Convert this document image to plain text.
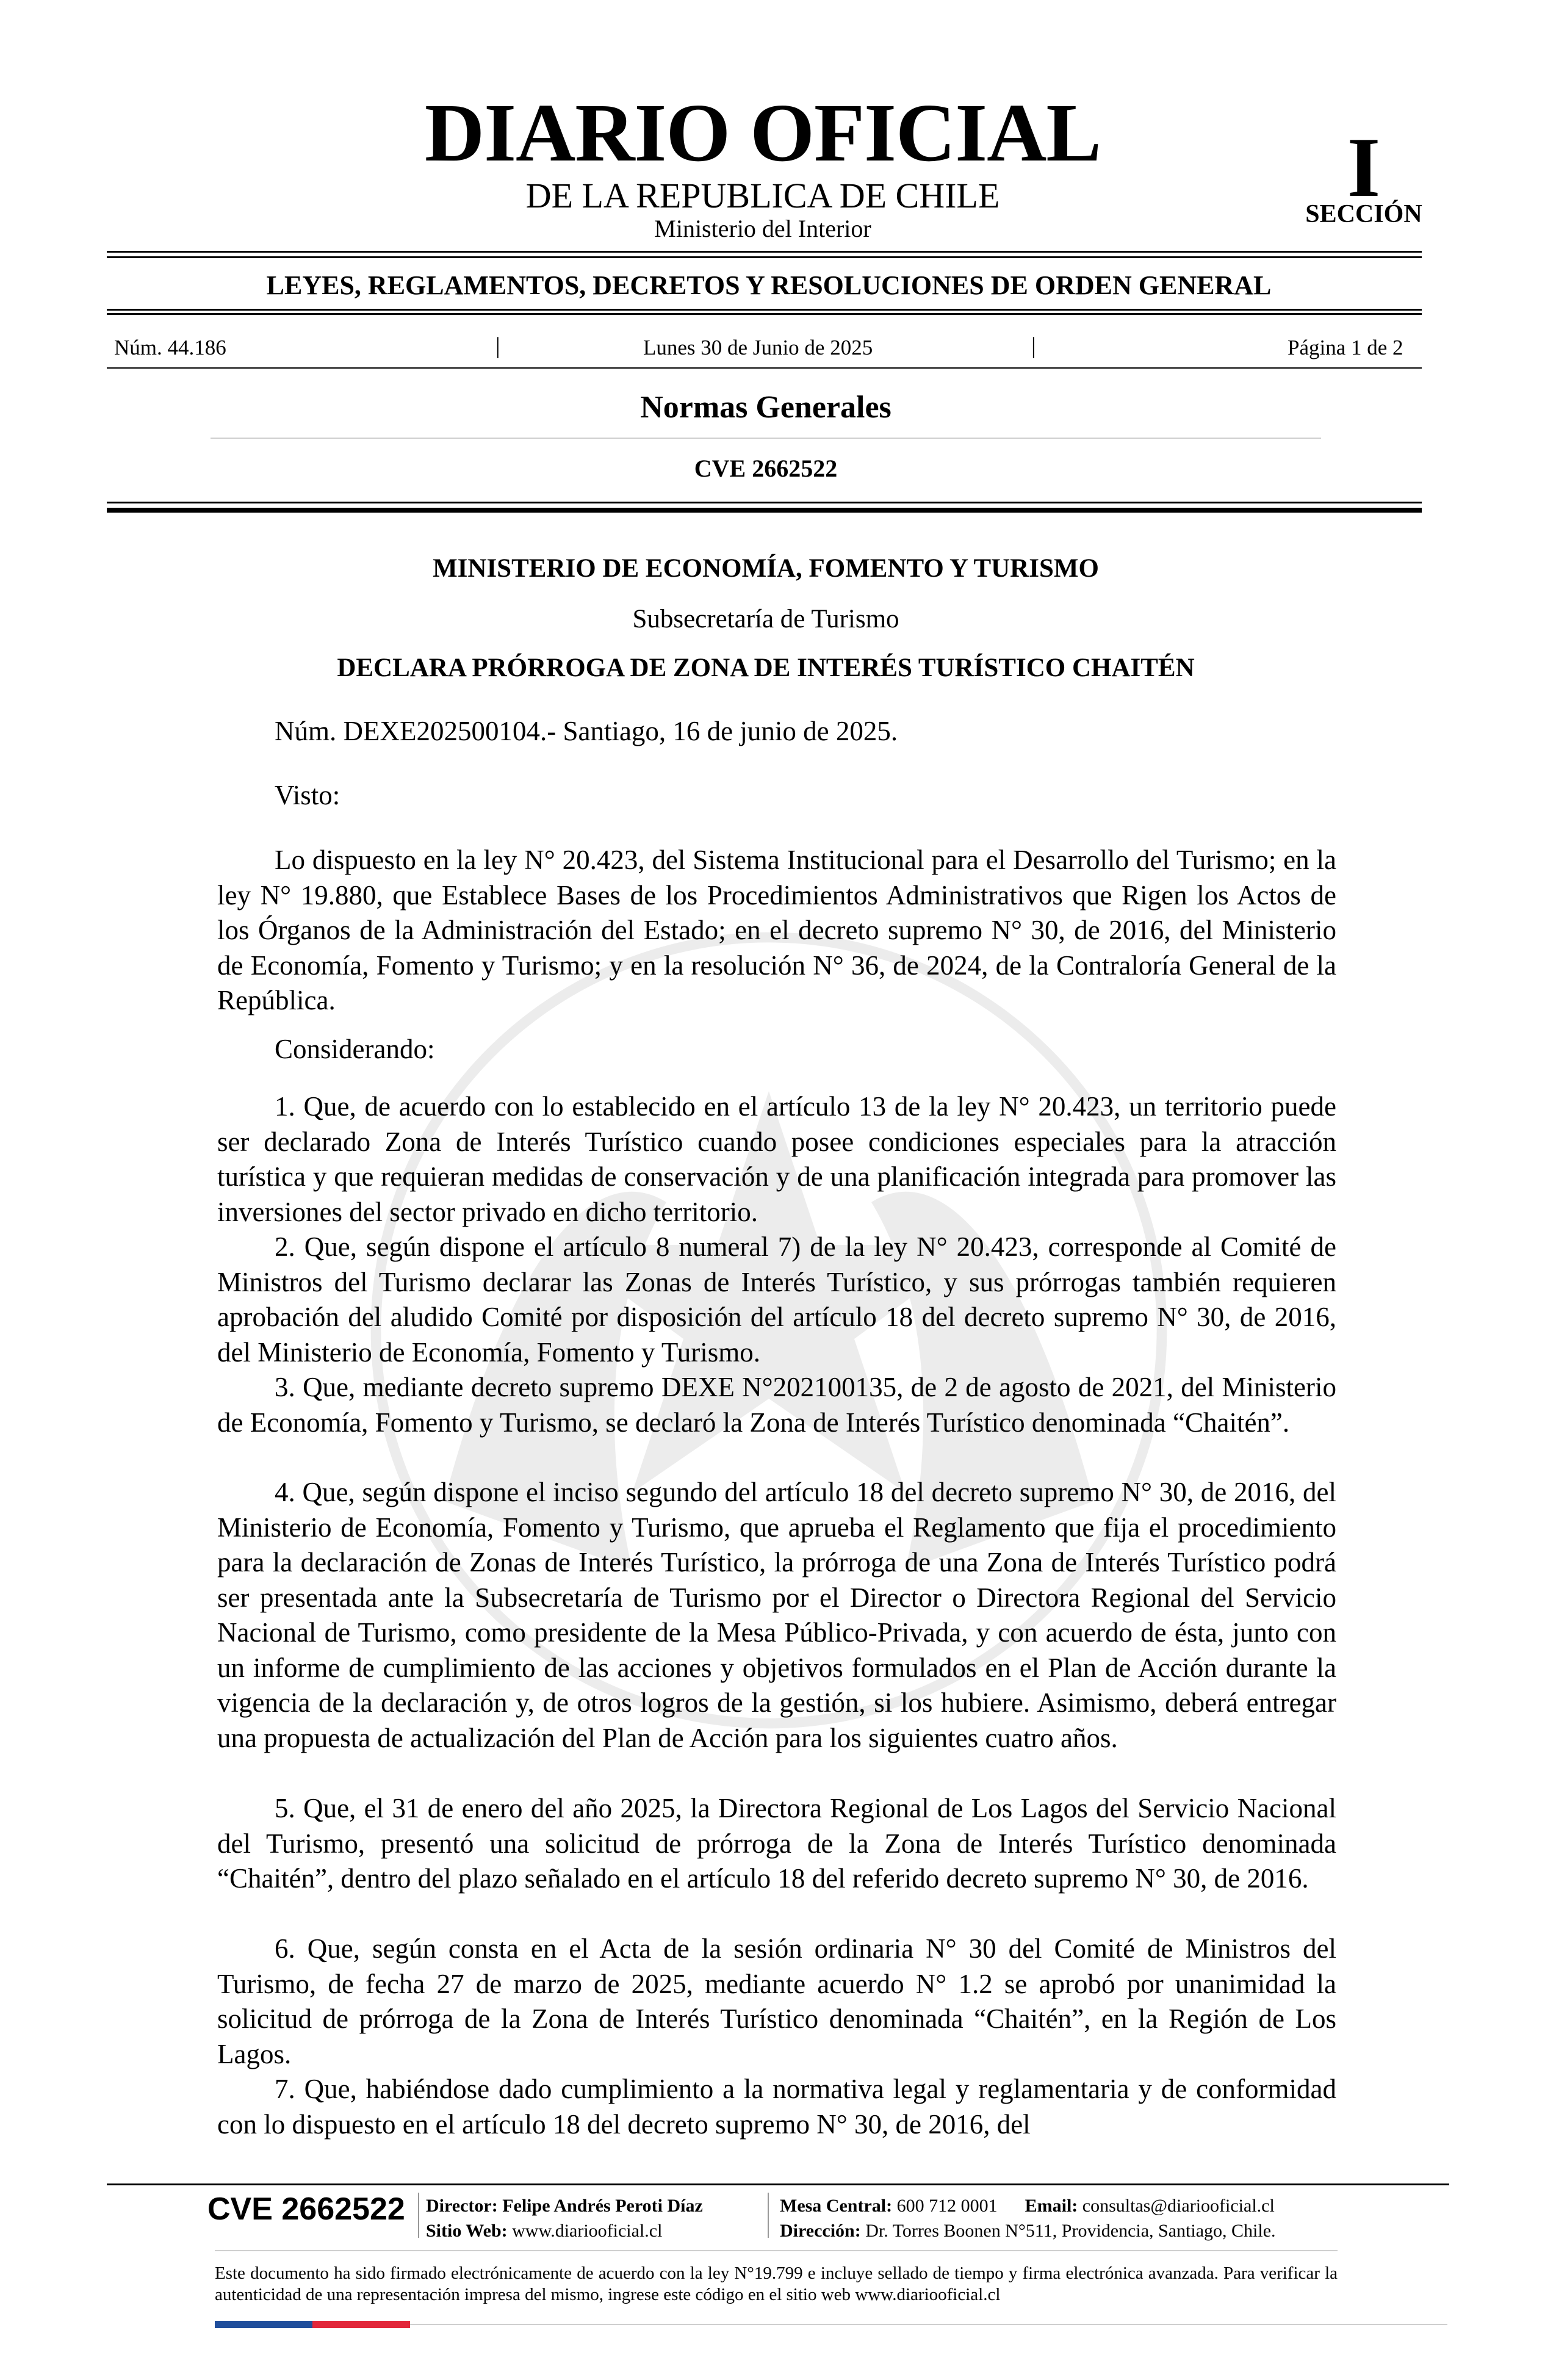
DIARIO OFICIAL
DE LA REPUBLICA DE CHILE
Ministerio del Interior
I
SECCIÓN
LEYES, REGLAMENTOS, DECRETOS Y RESOLUCIONES DE ORDEN GENERAL
Núm. 44.186	|	Lunes 30 de Junio de 2025	|	Página 1 de 2
Normas Generales
CVE 2662522
MINISTERIO DE ECONOMÍA, FOMENTO Y TURISMO
Subsecretaría de Turismo
DECLARA PRÓRROGA DE ZONA DE INTERÉS TURÍSTICO CHAITÉN
Núm. DEXE202500104.- Santiago, 16 de junio de 2025.
Visto:

Lo dispuesto en la ley N° 20.423, del Sistema Institucional para el Desarrollo del Turismo; en la ley N° 19.880, que Establece Bases de los Procedimientos Administrativos que Rigen los Actos de los Órganos de la Administración del Estado; en el decreto supremo N° 30, de 2016, del Ministerio de Economía, Fomento y Turismo; y en la resolución N° 36, de 2024, de la Contraloría General de la República.

Considerando:

1. Que, de acuerdo con lo establecido en el artículo 13 de la ley N° 20.423, un territorio puede ser declarado Zona de Interés Turístico cuando posee condiciones especiales para la atracción turística y que requieran medidas de conservación y de una planificación integrada para promover las inversiones del sector privado en dicho territorio.

2. Que, según dispone el artículo 8 numeral 7) de la ley N° 20.423, corresponde al Comité de Ministros del Turismo declarar las Zonas de Interés Turístico, y sus prórrogas también requieren aprobación del aludido Comité por disposición del artículo 18 del decreto supremo N° 30, de 2016, del Ministerio de Economía, Fomento y Turismo.

3. Que, mediante decreto supremo DEXE N°202100135, de 2 de agosto de 2021, del Ministerio de Economía, Fomento y Turismo, se declaró la Zona de Interés Turístico denominada “Chaitén”.

4. Que, según dispone el inciso segundo del artículo 18 del decreto supremo N° 30, de 2016, del Ministerio de Economía, Fomento y Turismo, que aprueba el Reglamento que fija el procedimiento para la declaración de Zonas de Interés Turístico, la prórroga de una Zona de Interés Turístico podrá ser presentada ante la Subsecretaría de Turismo por el Director o Directora Regional del Servicio Nacional de Turismo, como presidente de la Mesa Público-Privada, y con acuerdo de ésta, junto con un informe de cumplimiento de las acciones y objetivos formulados en el Plan de Acción durante la vigencia de la declaración y, de otros logros de la gestión, si los hubiere. Asimismo, deberá entregar una propuesta de actualización del Plan de Acción para los siguientes cuatro años.

5. Que, el 31 de enero del año 2025, la Directora Regional de Los Lagos del Servicio Nacional del Turismo, presentó una solicitud de prórroga de la Zona de Interés Turístico denominada “Chaitén”, dentro del plazo señalado en el artículo 18 del referido decreto supremo N° 30, de 2016.

6. Que, según consta en el Acta de la sesión ordinaria N° 30 del Comité de Ministros del Turismo, de fecha 27 de marzo de 2025, mediante acuerdo N° 1.2 se aprobó por unanimidad la solicitud de prórroga de la Zona de Interés Turístico denominada “Chaitén”, en la Región de Los Lagos.

7. Que, habiéndose dado cumplimiento a la normativa legal y reglamentaria y de conformidad con lo dispuesto en el artículo 18 del decreto supremo N° 30, de 2016, del

CVE 2662522 Director: Felipe Andrés Peroti Díaz
Sitio Web: www.diariooficial.cl
Mesa Central: 600 712 0001 Email: consultas@diariooficial.cl
Dirección: Dr. Torres Boonen N°511, Providencia, Santiago, Chile.

Este documento ha sido firmado electrónicamente de acuerdo con la ley N°19.799 e incluye sellado de tiempo y firma electrónica avanzada. Para verificar la autenticidad de una representación impresa del mismo, ingrese este código en el sitio web www.diariooficial.cl
